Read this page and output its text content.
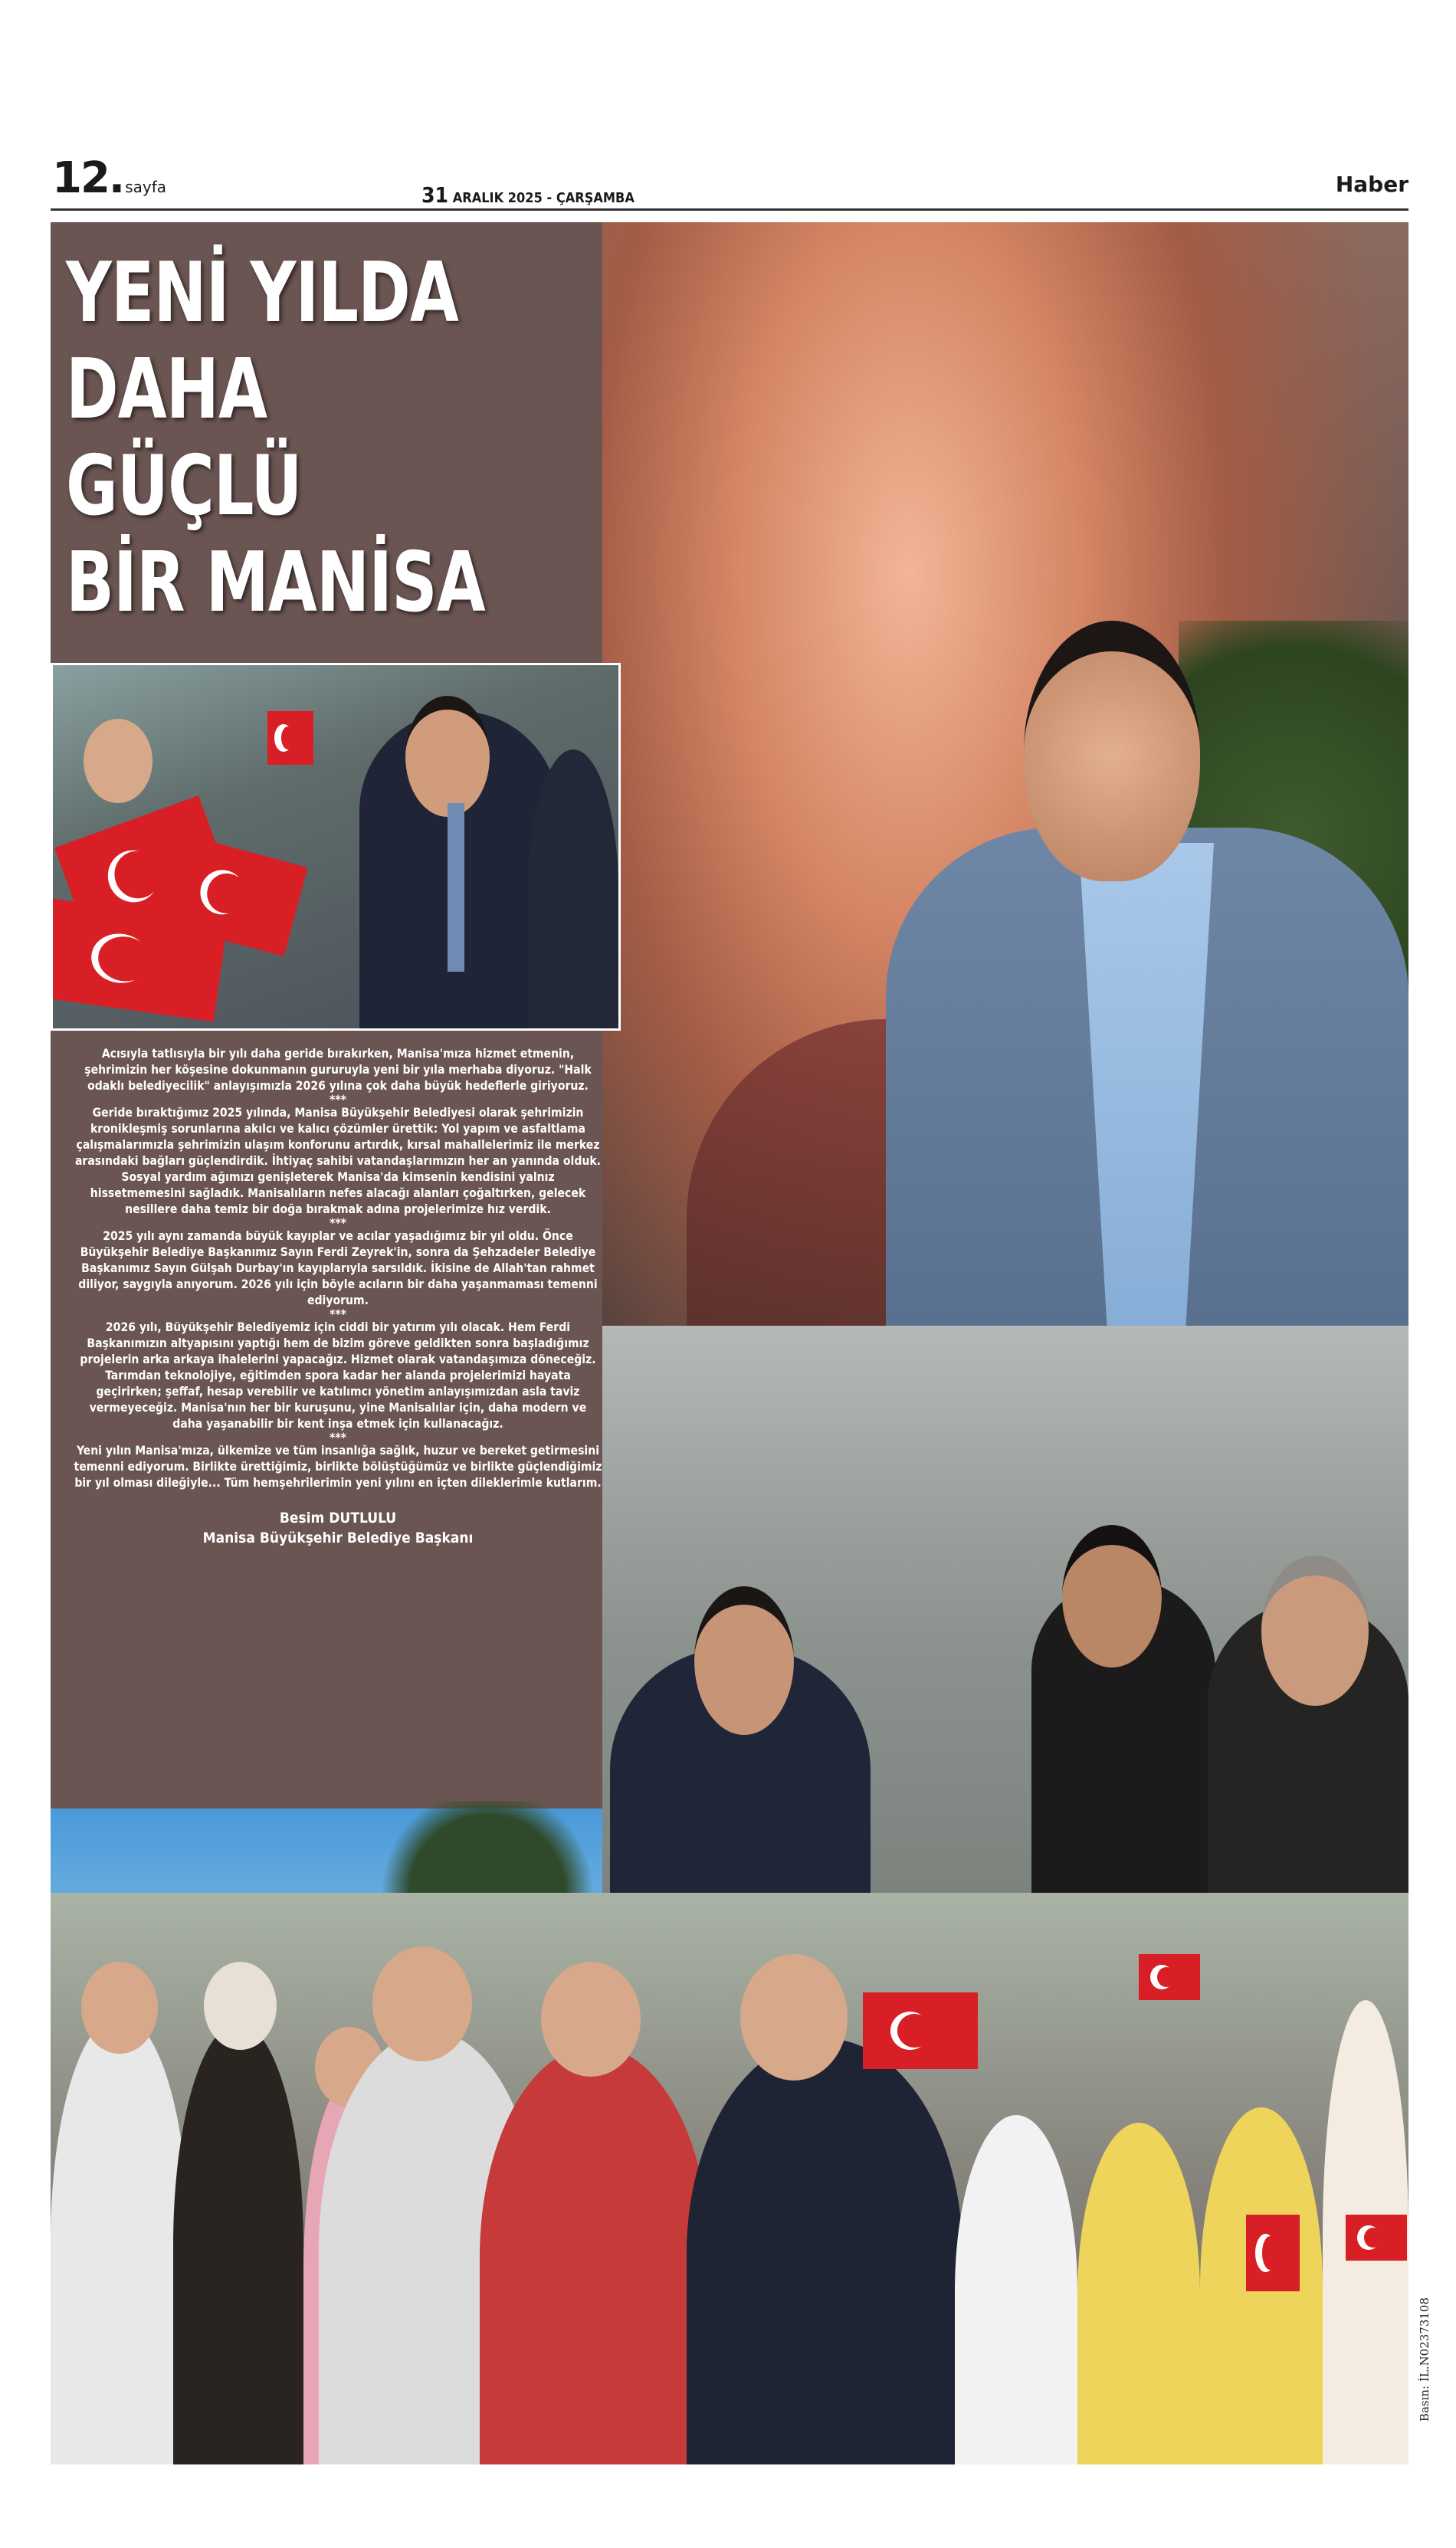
12. sayfa	31 ARALIK 2025 - ÇARŞAMBA
Haber
YENİ YILDA
DAHA GÜÇLÜ
BİR MANİSA

Acısıyla tatlısıyla bir yılı daha geride bırakırken, Manisa'mıza hizmet etmenin, şehrimizin her köşesine dokunmanın gururuyla yeni bir yıla merhaba diyoruz. "Halk odaklı belediyecilik" anlayışımızla 2026 yılına çok daha büyük hedeflerle giriyoruz.

***

Geride bıraktığımız 2025 yılında, Manisa Büyükşehir Belediyesi olarak şehrimizin kronikleşmiş sorunlarına akılcı ve kalıcı çözümler ürettik: Yol yapım ve asfaltlama çalışmalarımızla şehrimizin ulaşım konforunu artırdık, kırsal mahallelerimiz ile merkez arasındaki bağları güçlendirdik. İhtiyaç sahibi vatandaşlarımızın her an yanında olduk. Sosyal yardım ağımızı genişleterek Manisa'da kimsenin kendisini yalnız hissetmemesini sağladık. Manisalıların nefes alacağı alanları çoğaltırken, gelecek nesillere daha temiz bir doğa bırakmak adına projelerimize hız verdik.

***

2025 yılı aynı zamanda büyük kayıplar ve acılar yaşadığımız bir yıl oldu. Önce Büyükşehir Belediye Başkanımız Sayın Ferdi Zeyrek'in, sonra da Şehzadeler Belediye Başkanımız Sayın Gülşah Durbay'ın kayıplarıyla sarsıldık. İkisine de Allah'tan rahmet diliyor, saygıyla anıyorum. 2026 yılı için böyle acıların bir daha yaşanmaması temenni ediyorum.

***

2026 yılı, Büyükşehir Belediyemiz için ciddi bir yatırım yılı olacak. Hem Ferdi Başkanımızın altyapısını yaptığı hem de bizim göreve geldikten sonra başladığımız projelerin arka arkaya ihalelerini yapacağız. Hizmet olarak vatandaşımıza döneceğiz. Tarımdan teknolojiye, eğitimden spora kadar her alanda projelerimizi hayata geçirirken; şeffaf, hesap verebilir ve katılımcı yönetim anlayışımızdan asla taviz vermeyeceğiz. Manisa'nın her bir kuruşunu, yine Manisalılar için, daha modern ve daha yaşanabilir bir kent inşa etmek için kullanacağız.

***

Yeni yılın Manisa'mıza, ülkemize ve tüm insanlığa sağlık, huzur ve bereket getirmesini temenni ediyorum. Birlikte ürettiğimiz, birlikte bölüştüğümüz ve birlikte güçlendiğimiz bir yıl olması dileğiyle... Tüm hemşehrilerimin yeni yılını en içten dileklerimle kutlarım.

Besim DUTLULU
Manisa Büyükşehir Belediye Başkanı
Basın: İL.N02373108
